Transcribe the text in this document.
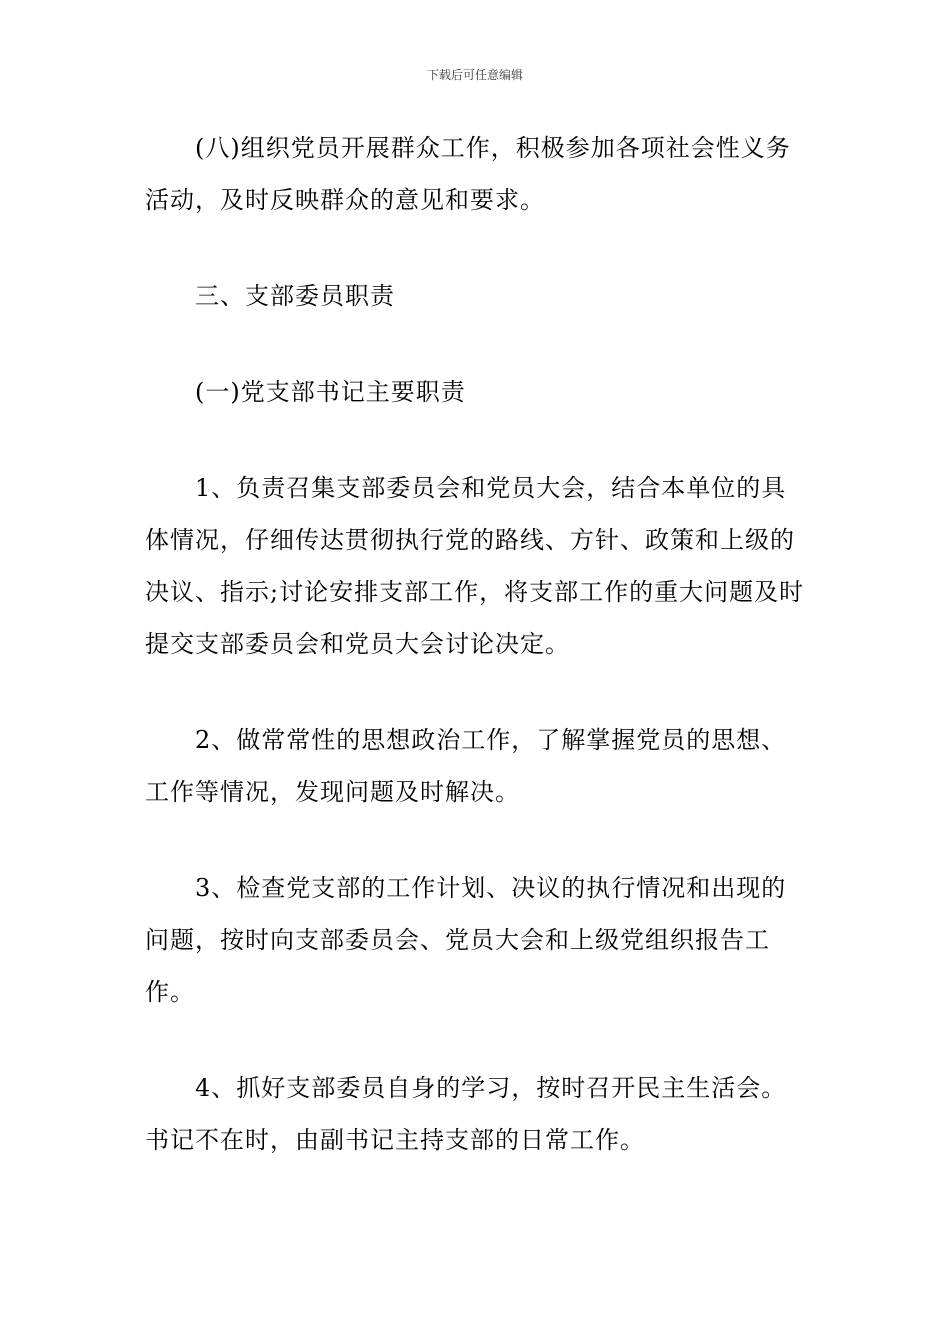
下载后可任意编辑

(八)组织党员开展群众工作，积极参加各项社会性义务活动，及时反映群众的意见和要求。

三、支部委员职责

(一)党支部书记主要职责

1、负责召集支部委员会和党员大会，结合本单位的具体情况，仔细传达贯彻执行党的路线、方针、政策和上级的决议、指示;讨论安排支部工作，将支部工作的重大问题及时提交支部委员会和党员大会讨论决定。

2、做常常性的思想政治工作，了解掌握党员的思想、工作等情况，发现问题及时解决。

3、检查党支部的工作计划、决议的执行情况和出现的问题，按时向支部委员会、党员大会和上级党组织报告工作。

4、抓好支部委员自身的学习，按时召开民主生活会。书记不在时，由副书记主持支部的日常工作。
